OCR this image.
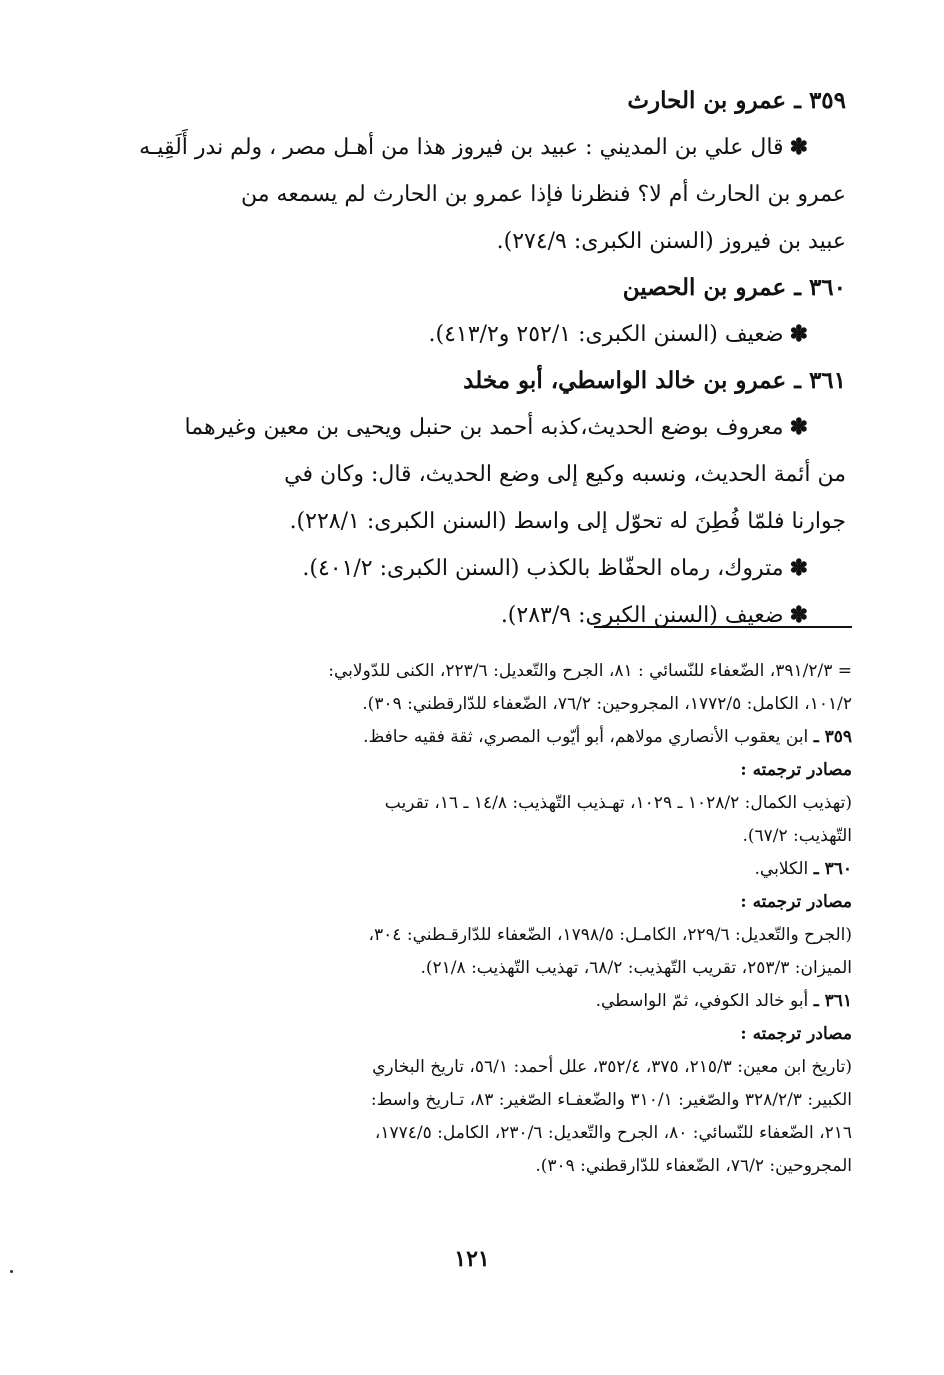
٣٥٩ ـ عمرو بن الحارث

✽قال علي بن المديني : عبيد بن فيروز هذا من أهـل مصر ، ولم ندر أَلَقِيـه
عمرو بن الحارث أم لا؟ فنظرنا فإذا عمرو بن الحارث لم يسمعه من
عبيد بن فيروز (السنن الكبرى: ٢٧٤/٩).

٣٦٠ ـ عمرو بن الحصين

✽ضعيف (السنن الكبرى: ٢٥٢/١ و٤١٣/٢).

٣٦١ ـ عمرو بن خالد الواسطي، أبو مخلد

✽معروف بوضع الحديث،كذبه أحمد بن حنبل ويحيى بن معين وغيرهما
من أئمة الحديث، ونسبه وكيع إلى وضع الحديث، قال: وكان في
جوارنا فلمّا فُطِنَ له تحوّل إلى واسط (السنن الكبرى: ٢٢٨/١).
✽متروك، رماه الحفّاظ بالكذب (السنن الكبرى: ٤٠١/٢).
✽ضعيف (السنن الكبرى: ٢٨٣/٩).

= ٣٩١/٢/٣، الضّعفاء للنّسائي : ٨١، الجرح والتّعديل: ٢٢٣/٦، الكنى للدّولابي:

١٠١/٢، الكامل: ١٧٧٢/٥، المجروحين: ٧٦/٢، الضّعفاء للدّارقطني: ٣٠٩).

٣٥٩ ـ ابن يعقوب الأنصاري مولاهم، أبو أيّوب المصري، ثقة فقيه حافظ.

مصادر ترجمته :

(تهذيب الكمال: ١٠٢٨/٢ ـ ١٠٢٩، تهـذيب التّهذيب: ١٤/٨ ـ ١٦، تقريب

التّهذيب: ٦٧/٢).

٣٦٠ ـ الكلابي.

مصادر ترجمته :

(الجرح والتّعديل: ٢٢٩/٦، الكامـل: ١٧٩٨/٥، الضّعفاء للدّارقـطني: ٣٠٤،

الميزان: ٢٥٣/٣، تقريب التّهذيب: ٦٨/٢، تهذيب التّهذيب: ٢١/٨).

٣٦١ ـ أبو خالد الكوفي، ثمّ الواسطي.

مصادر ترجمته :

(تاريخ ابن معين: ٢١٥/٣، ٣٧٥، ٣٥٢/٤، علل أحمد: ٥٦/١، تاريخ البخاري

الكبير: ٣٢٨/٢/٣ والصّغير: ٣١٠/١ والضّعفـاء الصّغير: ٨٣، تـاريخ واسط:

٢١٦، الضّعفاء للنّسائي: ٨٠، الجرح والتّعديل: ٢٣٠/٦، الكامل: ١٧٧٤/٥،

المجروحين: ٧٦/٢، الضّعفاء للدّارقطني: ٣٠٩).

١٢١
